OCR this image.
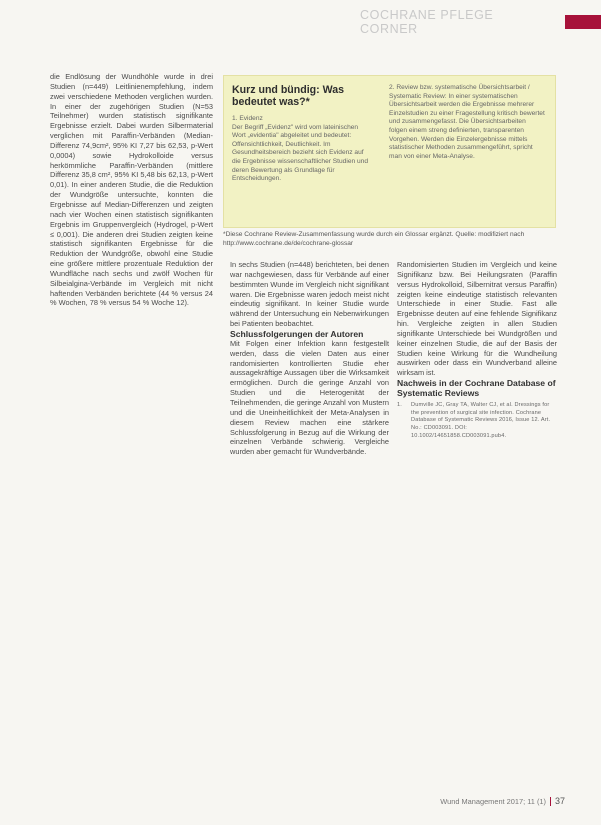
COCHRANE PFLEGE CORNER

die Endlösung der Wundhöhle wurde in drei Studien (n=449) Leitlinienempfehlung, indem zwei verschiedene Methoden verglichen wurden. In einer der zugehörigen Studien (N=53 Teilnehmer) wurden statistisch signifikante Ergebnisse erzielt. Dabei wurden Silbermaterial verglichen mit Paraffin-Verbänden (Median-Differenz 74,9cm², 95% KI 7,27 bis 62,53, p-Wert 0,0004) sowie Hydrokolloide versus herkömmliche Paraffin-Verbänden (mittlere Differenz 35,8 cm², 95% KI 5,48 bis 62,13, p-Wert 0,01). In einer anderen Studie, die die Reduktion der Wundgröße untersuchte, konnten die Ergebnisse auf Median-Differenzen und zeigten nach vier Wochen einen statistisch signifikanten Ergebnis im Gruppenvergleich (Hydrogel, p-Wert ≤ 0,001). Die anderen drei Studien zeigten keine statistisch signifikanten Ergebnisse für die Reduktion der Wundgröße, obwohl eine Studie eine größere mittlere prozentuale Reduktion der Wundfläche nach sechs und zwölf Wochen für Silbeialgina-Verbände im Vergleich mit nicht haftenden Verbänden berichtete (44 % versus 24 % Wochen, 78 % versus 54 % Woche 12).

Kurz und bündig: Was bedeutet was?*

1. Evidenz

Der Begriff „Evidenz" wird vom lateinischen Wort „evidentia" abgeleitet und bedeutet: Offensichtlichkeit, Deutlichkeit. Im Gesundheitsbereich bezieht sich Evidenz auf die Ergebnisse wissenschaftlicher Studien und deren Bewertung als Grundlage für Entscheidungen.

2. Review bzw. systematische Übersichtsarbeit / Systematic Review: In einer systematischen Übersichtsarbeit werden die Ergebnisse mehrerer Einzelstudien zu einer Fragestellung kritisch bewertet und zusammengefasst. Die Übersichtsarbeiten folgen einem streng definierten, transparenten Vorgehen. Werden die Einzelergebnisse mittels statistischer Methoden zusammengeführt, spricht man von einer Meta-Analyse.

*Diese Cochrane Review-Zusammenfassung wurde durch ein Glossar ergänzt. Quelle: modifiziert nach http://www.cochrane.de/de/cochrane-glossar

In sechs Studien (n=448) berichteten, bei denen war nachgewiesen, dass für Verbände auf einer bestimmten Wunde im Vergleich nicht signifikant waren. Die Ergebnisse waren jedoch meist nicht eindeutig signifikant. In keiner Studie wurde während der Untersuchung ein Nebenwirkungen bei Patienten beobachtet.

Schlussfolgerungen der Autoren

Mit Folgen einer Infektion kann festgestellt werden, dass die vielen Daten aus einer randomisierten kontrollierten Studie eher aussagekräftige Aussagen über die Wirksamkeit ermöglichen. Durch die geringe Anzahl von Studien und die Heterogenität der Teilnehmenden, die geringe Anzahl von Mustern und die Uneinheitlichkeit der Meta-Analysen in diesem Review machen eine stärkere Schlussfolgerung in Bezug auf die Wirkung der einzelnen Verbände schwierig. Vergleiche wurden aber gemacht für Wundverbände.

Randomisierten Studien im Vergleich und keine Signifikanz bzw. Bei Heilungsraten (Paraffin versus Hydrokolloid, Silbernitrat versus Paraffin) zeigten keine eindeutige statistisch relevanten Unterschiede in einer Studie. Fast alle Ergebnisse deuten auf eine fehlende Signifikanz hin. Vergleiche zeigten in allen Studien signifikante Unterschiede bei Wundgrößen und keiner einzelnen Studie, die auf der Basis der Studien keine Wirkung für die Wundheilung auswirken oder dass ein Wundverband alleine wirksam ist.

Nachweis in der Cochrane Database of Systematic Reviews

1.	Dumville JC, Gray TA, Walter CJ, et al. Dressings for the prevention of surgical site infection. Cochrane Database of Systematic Reviews 2016, Issue 12. Art. No.: CD003091. DOI: 10.1002/14651858.CD003091.pub4.
Wund Management 2017; 11 (1) 37
